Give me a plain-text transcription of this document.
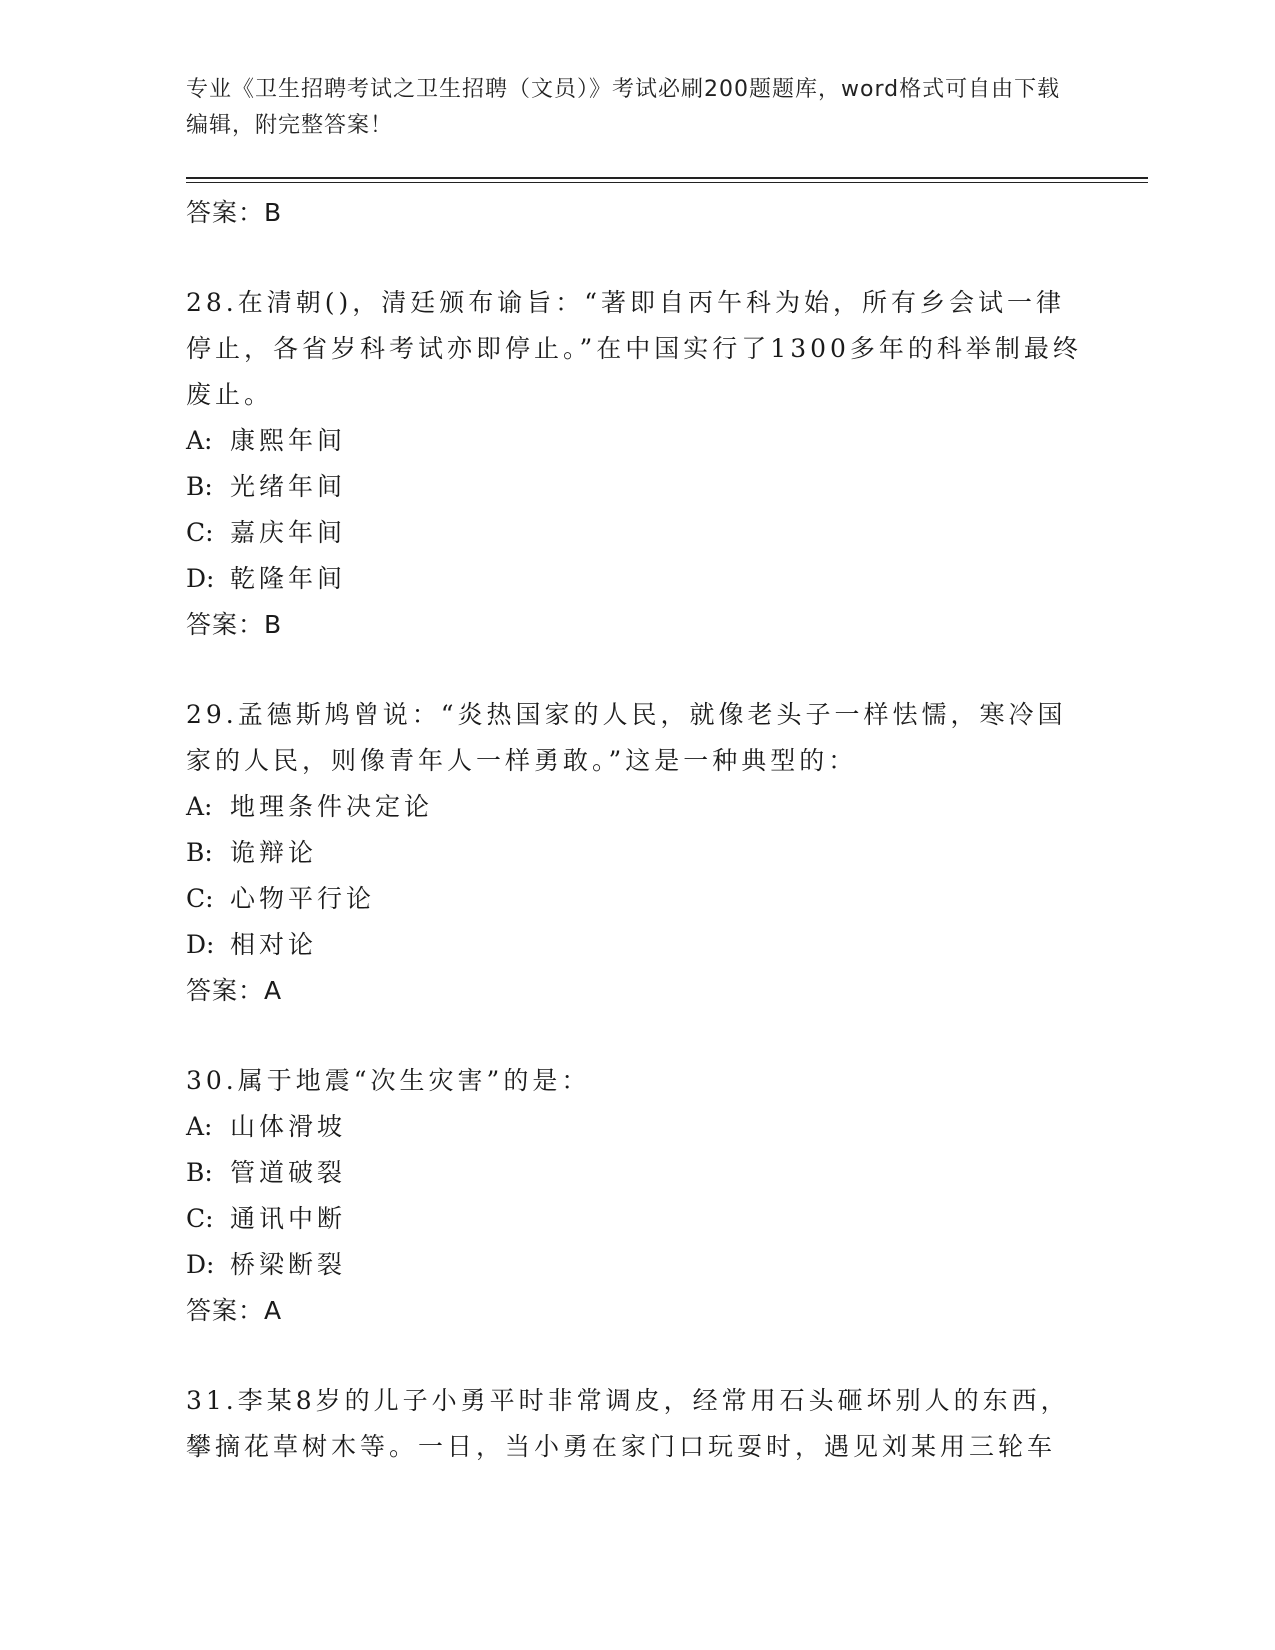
专业《卫生招聘考试之卫生招聘（文员）》考试必刷200题题库，word格式可自由下载编辑，附完整答案！
答案：B

28.在清朝()，清廷颁布谕旨：“著即自丙午科为始，所有乡会试一律停止，各省岁科考试亦即停止。”在中国实行了1300多年的科举制最终废止。

A: 康熙年间
B: 光绪年间
C: 嘉庆年间
D: 乾隆年间
答案：B

29.孟德斯鸠曾说：“炎热国家的人民，就像老头子一样怯懦，寒冷国家的人民，则像青年人一样勇敢。”这是一种典型的：

A: 地理条件决定论
B: 诡辩论
C: 心物平行论
D: 相对论
答案：A

30.属于地震“次生灾害”的是：

A: 山体滑坡
B: 管道破裂
C: 通讯中断
D: 桥梁断裂
答案：A

31.李某8岁的儿子小勇平时非常调皮，经常用石头砸坏别人的东西，攀摘花草树木等。一日，当小勇在家门口玩耍时，遇见刘某用三轮车
